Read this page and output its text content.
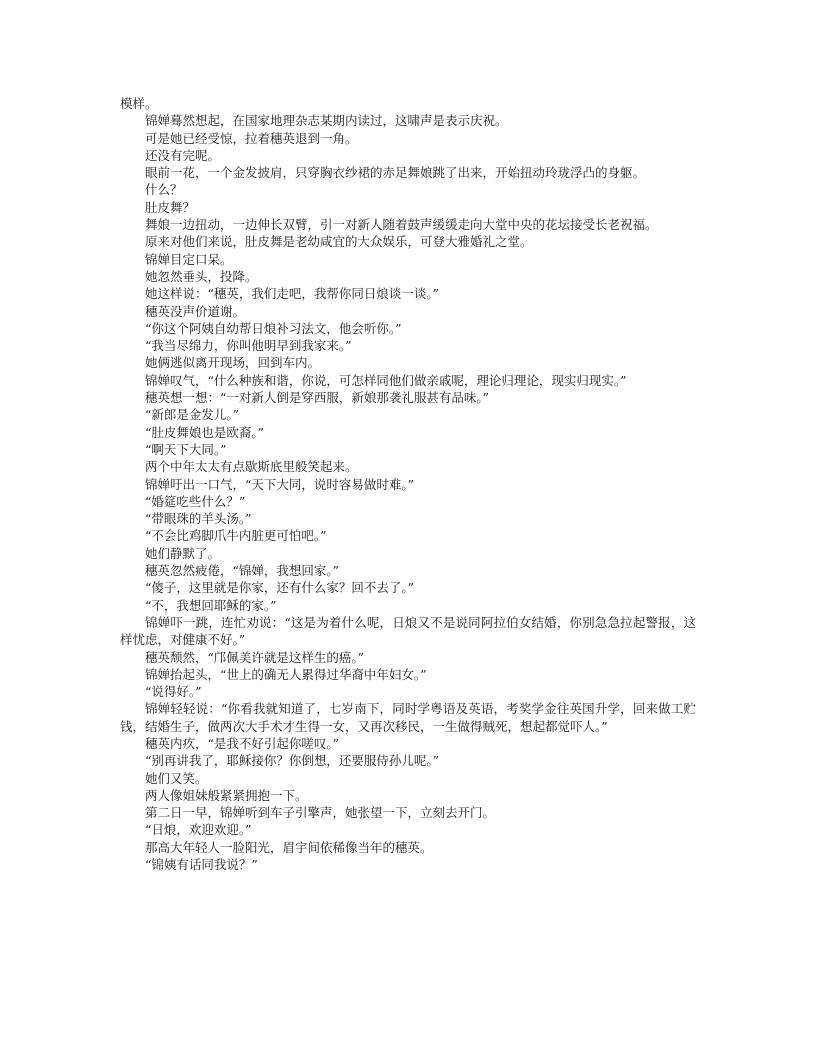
模样。

锦婵蓦然想起，在国家地理杂志某期内读过，这啸声是表示庆祝。

可是她已经受惊，拉着穗英退到一角。

还没有完呢。

眼前一花，一个金发披肩，只穿胸衣纱裙的赤足舞娘跳了出来，开始扭动玲珑浮凸的身躯。

什么？

肚皮舞？

舞娘一边扭动，一边伸长双臂，引一对新人随着鼓声缓缓走向大堂中央的花坛接受长老祝福。

原来对他们来说，肚皮舞是老幼咸宜的大众娱乐，可登大雅婚礼之堂。

锦婵目定口呆。

她忽然垂头，投降。

她这样说：“穗英，我们走吧，我帮你同日烺谈一谈。”

穗英没声价道谢。

“你这个阿姨自幼帮日烺补习法文，他会听你。”

“我当尽绵力，你叫他明早到我家来。”

她俩逃似离开现场，回到车内。

锦婵叹气，“什么种族和谐，你说，可怎样同他们做亲戚呢，理论归理论，现实归现实。”

穗英想一想：“一对新人倒是穿西服，新娘那袭礼服甚有品味。”

“新郎是金发儿。”

“肚皮舞娘也是欧裔。”

“啊天下大同。”

两个中年太太有点歇斯底里般笑起来。

锦婵吁出一口气，“天下大同，说时容易做时难。”

“婚筵吃些什么？”

“带眼珠的羊头汤。”

“不会比鸡脚爪牛内脏更可怕吧。”

她们静默了。

穗英忽然疲倦，“锦婵，我想回家。”

“傻子，这里就是你家，还有什么家？回不去了。”

“不，我想回耶稣的家。”

锦婵吓一跳，连忙劝说：“这是为着什么呢，日烺又不是说同阿拉伯女结婚，你别急急拉起警报，这样忧虑，对健康不好。”

穗英颓然，“邝佩美许就是这样生的癌。”

锦婵抬起头，“世上的确无人累得过华裔中年妇女。”

“说得好。”

锦婵轻轻说：“你看我就知道了，七岁南下，同时学粤语及英语，考奖学金往英国升学，回来做工贮钱，结婚生子，做两次大手术才生得一女，又再次移民，一生做得贼死，想起都觉吓人。”

穗英内疚，“是我不好引起你嗟叹。”

“别再讲我了，耶稣接你？你倒想，还要服侍孙儿呢。”

她们又笑。

两人像姐妹般紧紧拥抱一下。

第二日一早，锦婵听到车子引擎声，她张望一下，立刻去开门。

“日烺，欢迎欢迎。”

那高大年轻人一脸阳光，眉宇间依稀像当年的穗英。

“锦姨有话同我说？”
